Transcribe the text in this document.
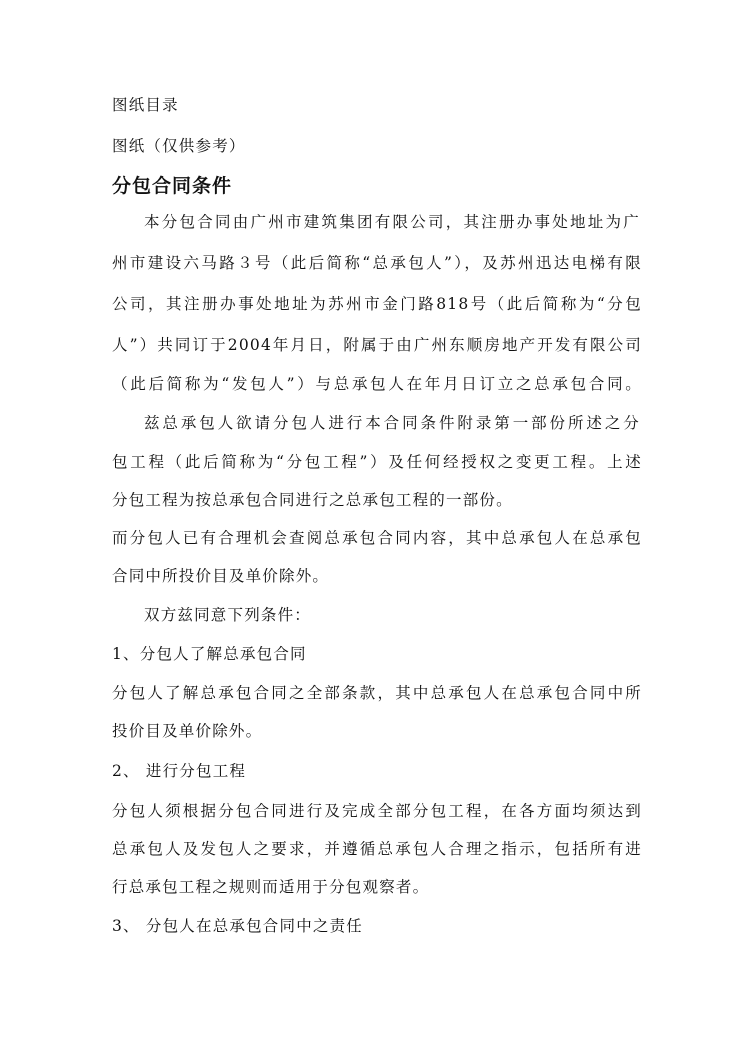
图纸目录
图纸（仅供参考）
分包合同条件
本分包合同由广州市建筑集团有限公司，其注册办事处地址为广
州市建设六马路３号（此后简称“总承包人”），及苏州迅达电梯有限
公司，其注册办事处地址为苏州市金门路818号（此后简称为“分包
人”）共同订于2004年月日，附属于由广州东顺房地产开发有限公司
（此后简称为“发包人”）与总承包人在年月日订立之总承包合同。
兹总承包人欲请分包人进行本合同条件附录第一部份所述之分
包工程（此后简称为“分包工程”）及任何经授权之变更工程。上述
分包工程为按总承包合同进行之总承包工程的一部份。
而分包人已有合理机会查阅总承包合同内容，其中总承包人在总承包
合同中所投价目及单价除外。
双方兹同意下列条件：
1、分包人了解总承包合同
分包人了解总承包合同之全部条款，其中总承包人在总承包合同中所
投价目及单价除外。
2、 进行分包工程
分包人须根据分包合同进行及完成全部分包工程，在各方面均须达到
总承包人及发包人之要求，并遵循总承包人合理之指示，包括所有进
行总承包工程之规则而适用于分包观察者。
3、 分包人在总承包合同中之责任
